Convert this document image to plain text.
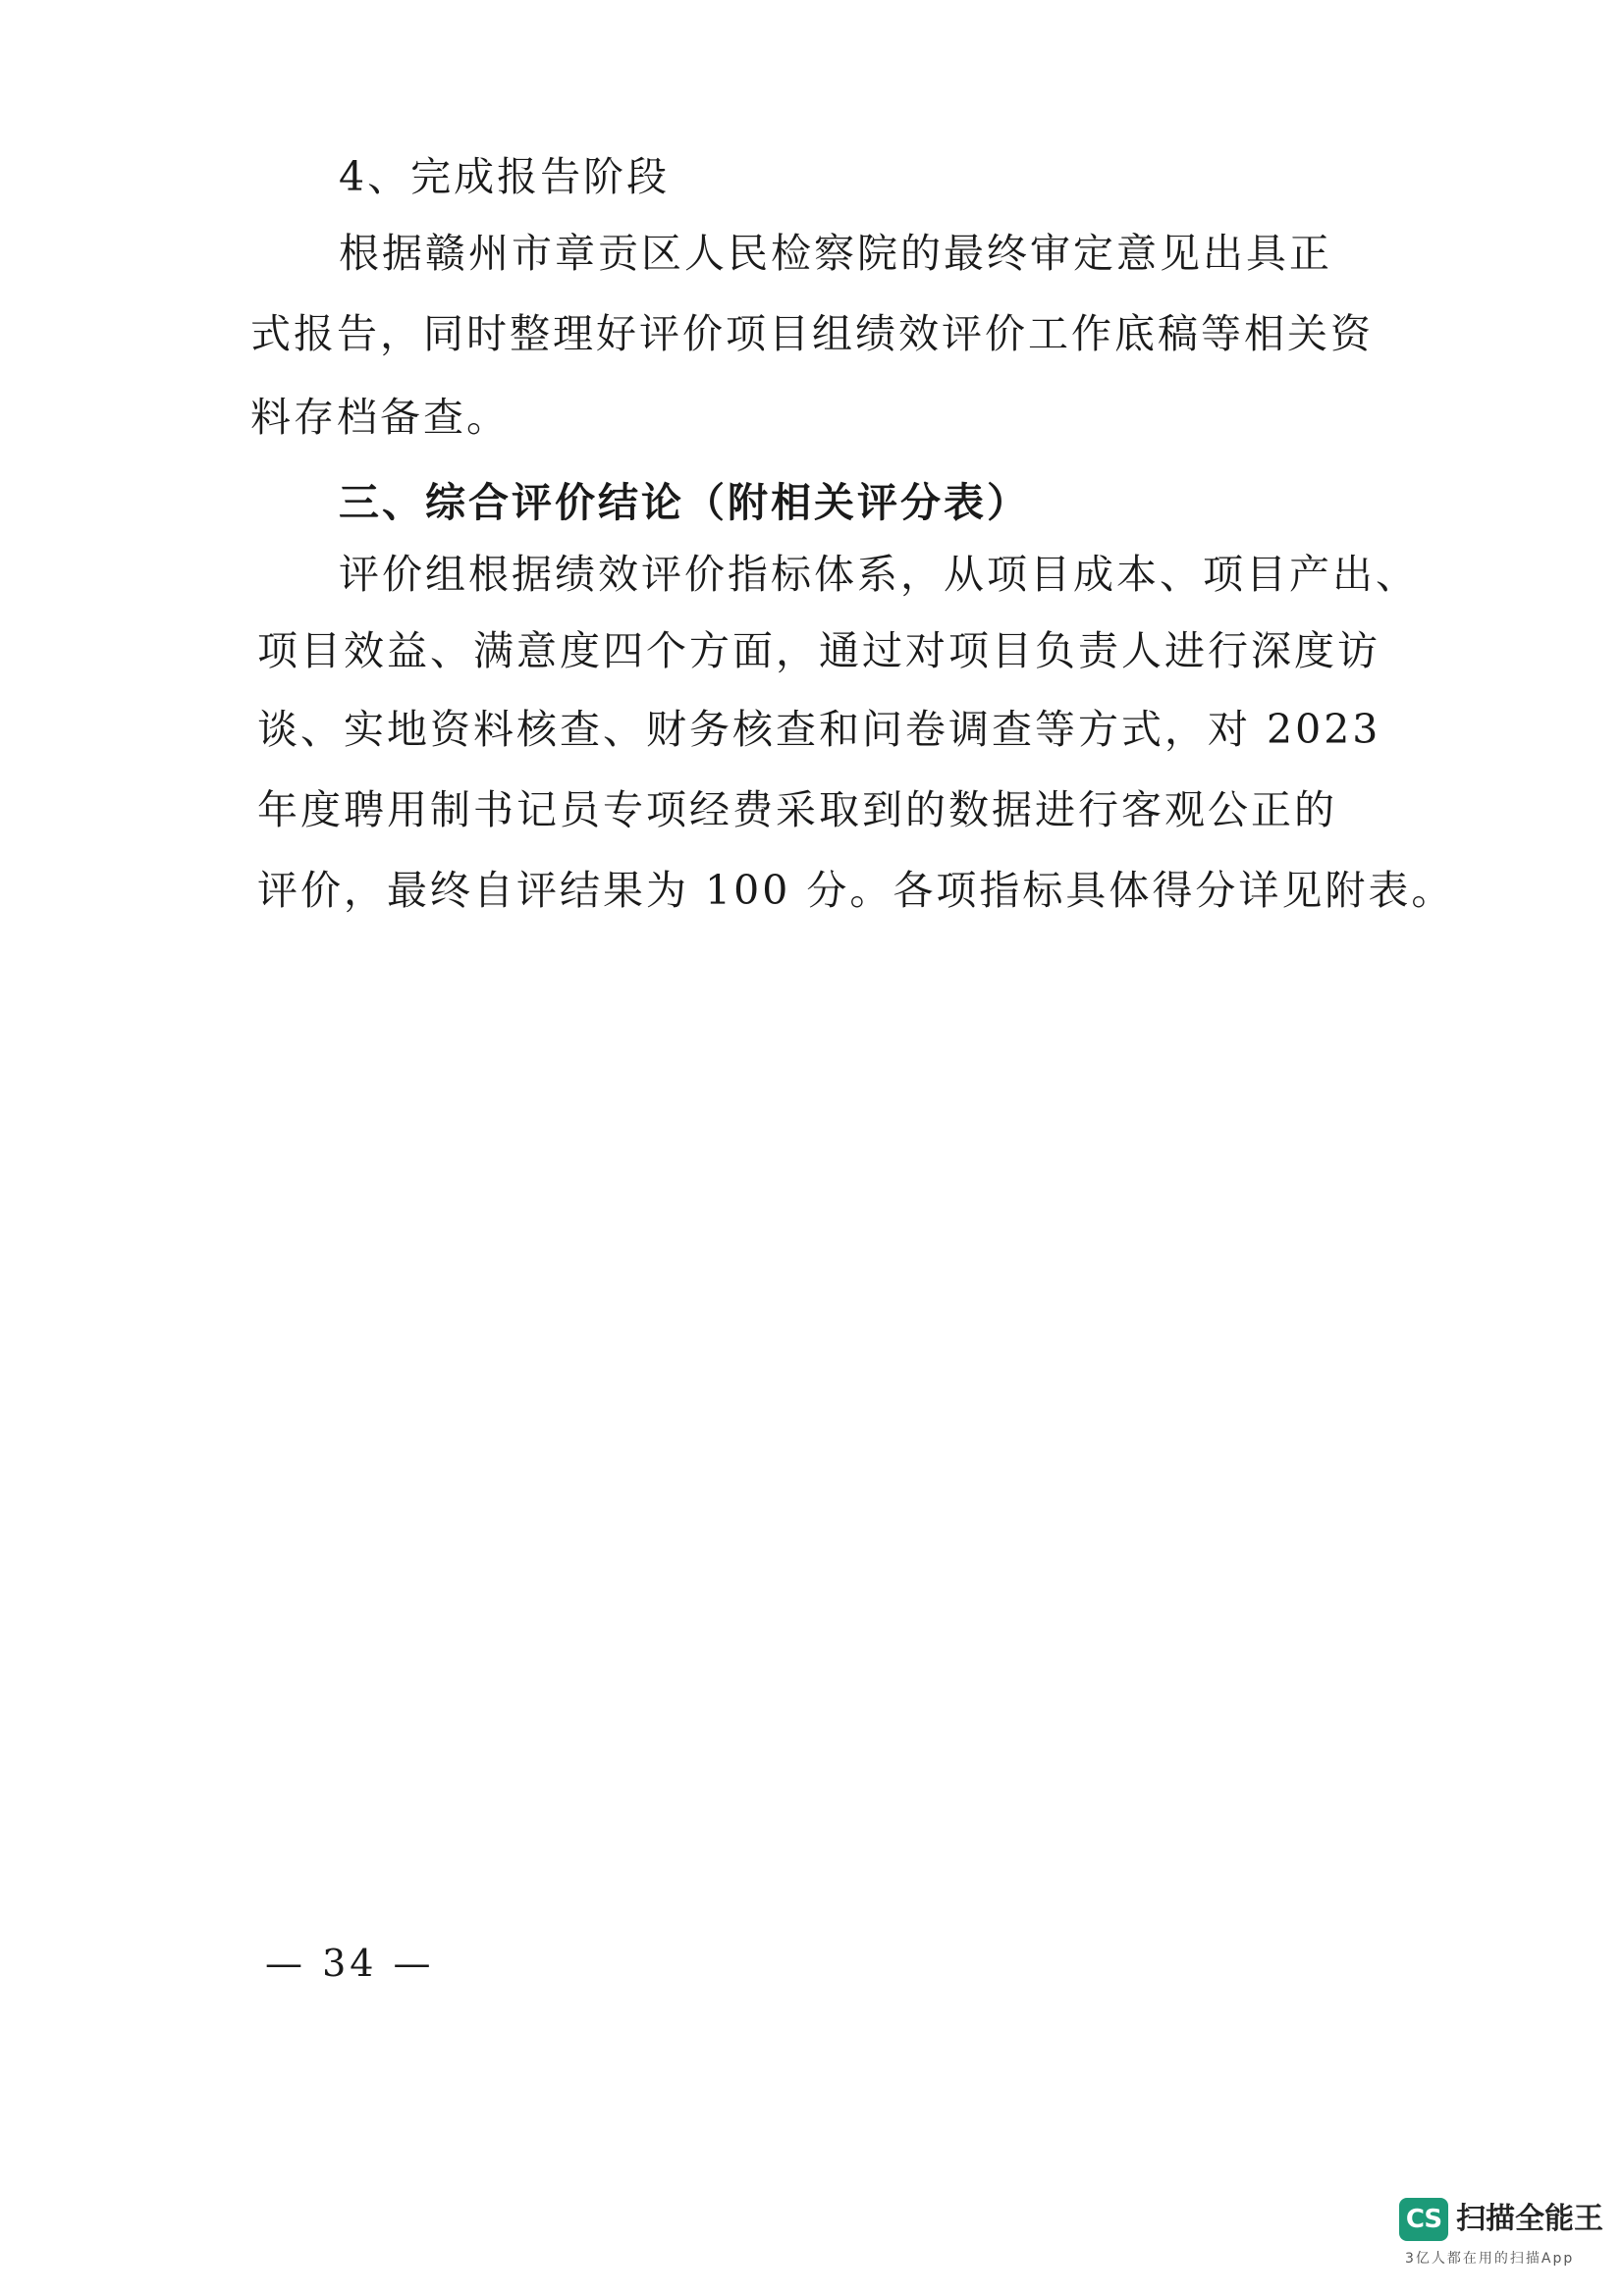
4、完成报告阶段
根据赣州市章贡区人民检察院的最终审定意见出具正
式报告，同时整理好评价项目组绩效评价工作底稿等相关资
料存档备查。
三、综合评价结论（附相关评分表）
评价组根据绩效评价指标体系，从项目成本、项目产出、
项目效益、满意度四个方面，通过对项目负责人进行深度访
谈、实地资料核查、财务核查和问卷调查等方式，对 2023
年度聘用制书记员专项经费采取到的数据进行客观公正的
评价，最终自评结果为 100 分。各项指标具体得分详见附表。
— 34 —
CS 扫描全能王
3亿人都在用的扫描App
